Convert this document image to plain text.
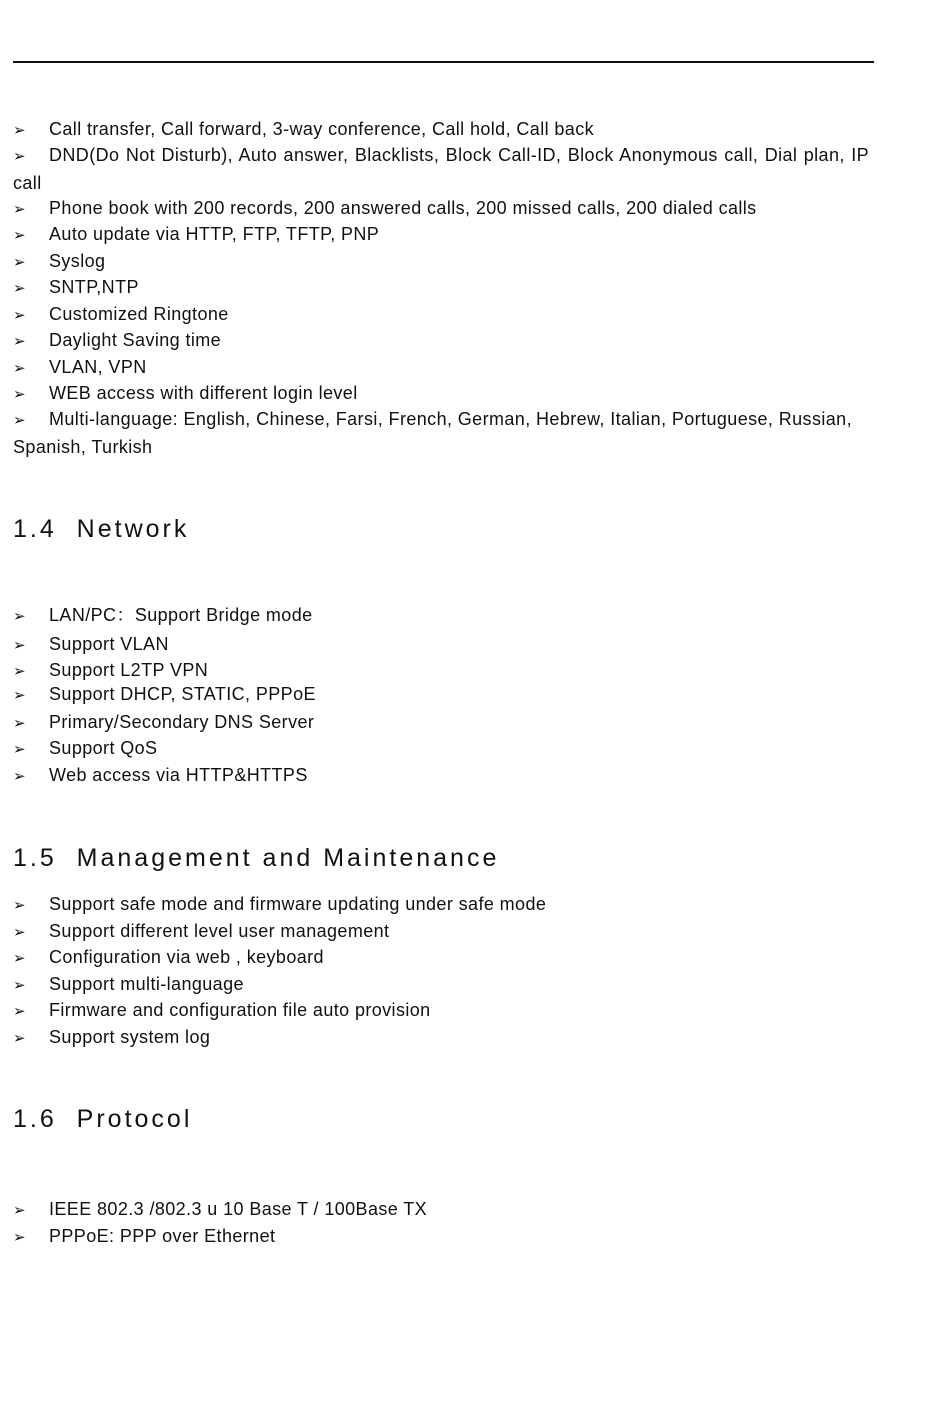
➢ Call transfer, Call forward, 3-way conference, Call hold, Call back
➢ DND(Do Not Disturb), Auto answer, Blacklists, Block Call-ID, Block Anonymous call, Dial plan, IP call
➢ Phone book with 200 records, 200 answered calls, 200 missed calls, 200 dialed calls
➢ Auto update via HTTP, FTP, TFTP, PNP
➢ Syslog
➢ SNTP,NTP
➢ Customized Ringtone
➢ Daylight Saving time
➢ VLAN, VPN
➢ WEB access with different login level
➢ Multi-language: English, Chinese, Farsi, French, German, Hebrew, Italian, Portuguese, Russian, Spanish, Turkish
1.4 Network
➢ LAN/PC：Support Bridge mode
➢ Support VLAN
➢ Support L2TP VPN
➢ Support DHCP, STATIC, PPPoE
➢ Primary/Secondary DNS Server
➢ Support QoS
➢ Web access via HTTP&HTTPS
1.5 Management and Maintenance
➢ Support safe mode and firmware updating under safe mode
➢ Support different level user management
➢ Configuration via web , keyboard
➢ Support multi-language
➢ Firmware and configuration file auto provision
➢ Support system log
1.6 Protocol
➢ IEEE 802.3 /802.3 u 10 Base T / 100Base TX
➢ PPPoE: PPP over Ethernet
